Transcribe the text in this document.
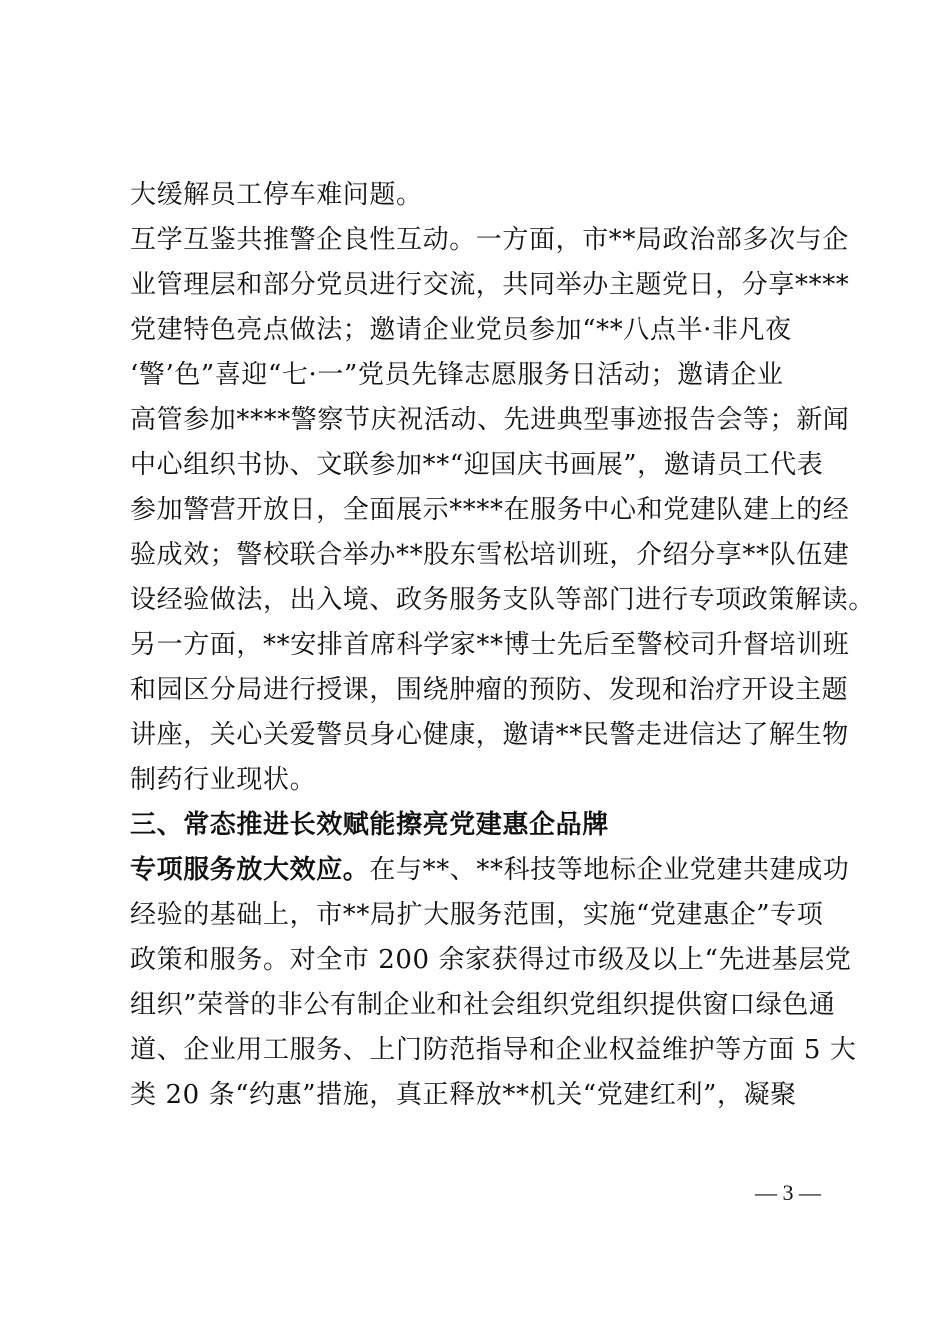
大缓解员工停车难问题。
互学互鉴共推警企良性互动。一方面，市**局政治部多次与企
业管理层和部分党员进行交流，共同举办主题党日，分享****
党建特色亮点做法；邀请企业党员参加“**八点半·非凡夜
‘警’色”喜迎“七·一”党员先锋志愿服务日活动；邀请企业
高管参加****警察节庆祝活动、先进典型事迹报告会等；新闻
中心组织书协、文联参加**“迎国庆书画展”，邀请员工代表
参加警营开放日，全面展示****在服务中心和党建队建上的经
验成效；警校联合举办**股东雪松培训班，介绍分享**队伍建
设经验做法，出入境、政务服务支队等部门进行专项政策解读。
另一方面，**安排首席科学家**博士先后至警校司升督培训班
和园区分局进行授课，围绕肿瘤的预防、发现和治疗开设主题
讲座，关心关爱警员身心健康，邀请**民警走进信达了解生物
制药行业现状。
三、常态推进长效赋能擦亮党建惠企品牌
专项服务放大效应。在与**、**科技等地标企业党建共建成功
经验的基础上，市**局扩大服务范围，实施“党建惠企”专项
政策和服务。对全市 200 余家获得过市级及以上“先进基层党
组织”荣誉的非公有制企业和社会组织党组织提供窗口绿色通
道、企业用工服务、上门防范指导和企业权益维护等方面 5 大
类 20 条“约惠”措施，真正释放**机关“党建红利”，凝聚
— 3 —
